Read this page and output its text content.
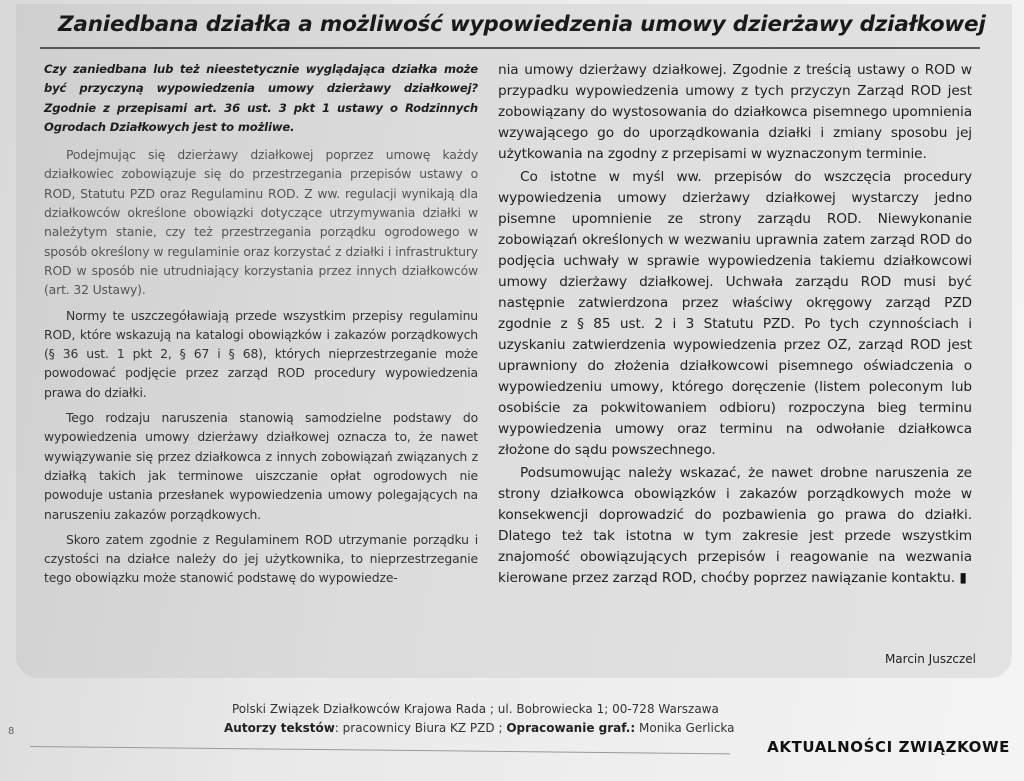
Zaniedbana działka a możliwość wypowiedzenia umowy dzierżawy działkowej

Czy zaniedbana lub też nieestetycznie wyglądająca działka może być przyczyną wypowiedzenia umowy dzierżawy działkowej? Zgodnie z przepisami art. 36 ust. 3 pkt 1 ustawy o Rodzinnych Ogrodach Działkowych jest to możliwe.

Podejmując się dzierżawy działkowej poprzez umowę każdy działkowiec zobowiązuje się do przestrzegania przepisów ustawy o ROD, Statutu PZD oraz Regulaminu ROD. Z ww. regulacji wynikają dla działkowców określone obowiązki dotyczące utrzymywania działki w należytym stanie, czy też przestrzegania porządku ogrodowego w sposób określony w regulaminie oraz korzystać z działki i infrastruktury ROD w sposób nie utrudniający korzystania przez innych działkowców (art. 32 Ustawy).

Normy te uszczegóławiają przede wszystkim przepisy regulaminu ROD, które wskazują na katalogi obowiązków i zakazów porządkowych (§ 36 ust. 1 pkt 2, § 67 i § 68), których nieprzestrzeganie może powodować podjęcie przez zarząd ROD procedury wypowiedzenia prawa do działki.

Tego rodzaju naruszenia stanowią samodzielne podstawy do wypowiedzenia umowy dzierżawy działkowej oznacza to, że nawet wywiązywanie się przez działkowca z innych zobowiązań związanych z działką takich jak terminowe uiszczanie opłat ogrodowych nie powoduje ustania przesłanek wypowiedzenia umowy polegających na naruszeniu zakazów porządkowych.

Skoro zatem zgodnie z Regulaminem ROD utrzymanie porządku i czystości na działce należy do jej użytkownika, to nieprzestrzeganie tego obowiązku może stanowić podstawę do wypowiedze-

nia umowy dzierżawy działkowej. Zgodnie z treścią ustawy o ROD w przypadku wypowiedzenia umowy z tych przyczyn Zarząd ROD jest zobowiązany do wystosowania do działkowca pisemnego upomnienia wzywającego go do uporządkowania działki i zmiany sposobu jej użytkowania na zgodny z przepisami w wyznaczonym terminie.

Co istotne w myśl ww. przepisów do wszczęcia procedury wypowiedzenia umowy dzierżawy działkowej wystarczy jedno pisemne upomnienie ze strony zarządu ROD. Niewykonanie zobowiązań określonych w wezwaniu uprawnia zatem zarząd ROD do podjęcia uchwały w sprawie wypowiedzenia takiemu działkowcowi umowy dzierżawy działkowej. Uchwała zarządu ROD musi być następnie zatwierdzona przez właściwy okręgowy zarząd PZD zgodnie z § 85 ust. 2 i 3 Statutu PZD. Po tych czynnościach i uzyskaniu zatwierdzenia wypowiedzenia przez OZ, zarząd ROD jest uprawniony do złożenia działkowcowi pisemnego oświadczenia o wypowiedzeniu umowy, którego doręczenie (listem poleconym lub osobiście za pokwitowaniem odbioru) rozpoczyna bieg terminu wypowiedzenia umowy oraz terminu na odwołanie działkowca złożone do sądu powszechnego.

Podsumowując należy wskazać, że nawet drobne naruszenia ze strony działkowca obowiązków i zakazów porządkowych może w konsekwencji doprowadzić do pozbawienia go prawa do działki. Dlatego też tak istotna w tym zakresie jest przede wszystkim znajomość obowiązujących przepisów i reagowanie na wezwania kierowane przez zarząd ROD, choćby poprzez nawiązanie kontaktu. ▮

Marcin Juszczel
Polski Związek Działkowców Krajowa Rada ; ul. Bobrowiecka 1; 00-728 Warszawa
Autorzy tekstów: pracownicy Biura KZ PZD ; Opracowanie graf.: Monika Gerlicka
8
AKTUALNOŚCI ZWIĄZKOWE
